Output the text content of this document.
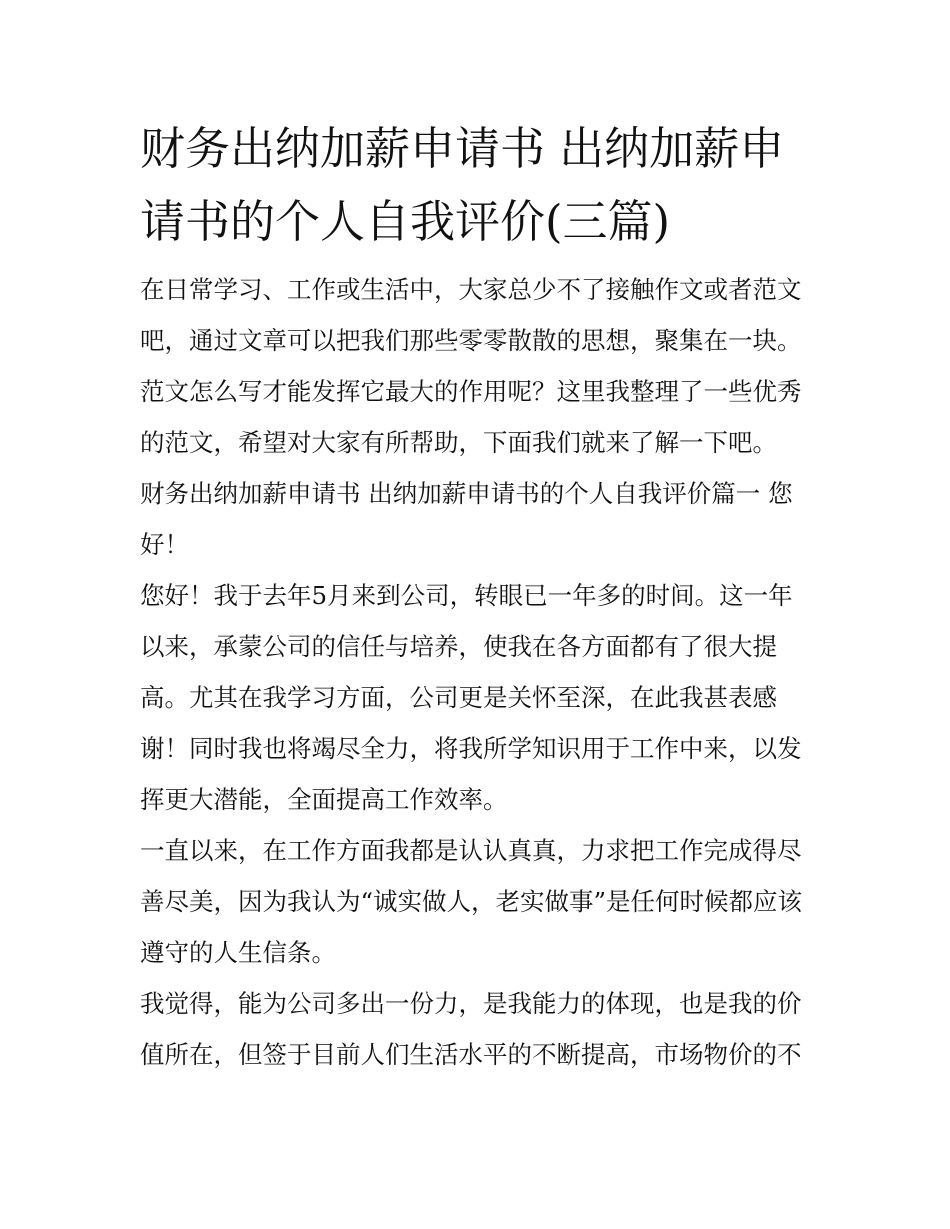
财务出纳加薪申请书 出纳加薪申请书的个人自我评价(三篇)

在日常学习、工作或生活中，大家总少不了接触作文或者范文吧，通过文章可以把我们那些零零散散的思想，聚集在一块。范文怎么写才能发挥它最大的作用呢？这里我整理了一些优秀的范文，希望对大家有所帮助，下面我们就来了解一下吧。

财务出纳加薪申请书 出纳加薪申请书的个人自我评价篇一 您好！

您好！我于去年5月来到公司，转眼已一年多的时间。这一年以来，承蒙公司的信任与培养，使我在各方面都有了很大提高。尤其在我学习方面，公司更是关怀至深，在此我甚表感谢！同时我也将竭尽全力，将我所学知识用于工作中来，以发挥更大潜能，全面提高工作效率。

一直以来，在工作方面我都是认认真真，力求把工作完成得尽善尽美，因为我认为“诚实做人，老实做事”是任何时候都应该遵守的人生信条。

我觉得，能为公司多出一份力，是我能力的体现，也是我的价值所在，但签于目前人们生活水平的不断提高，市场物价的不
